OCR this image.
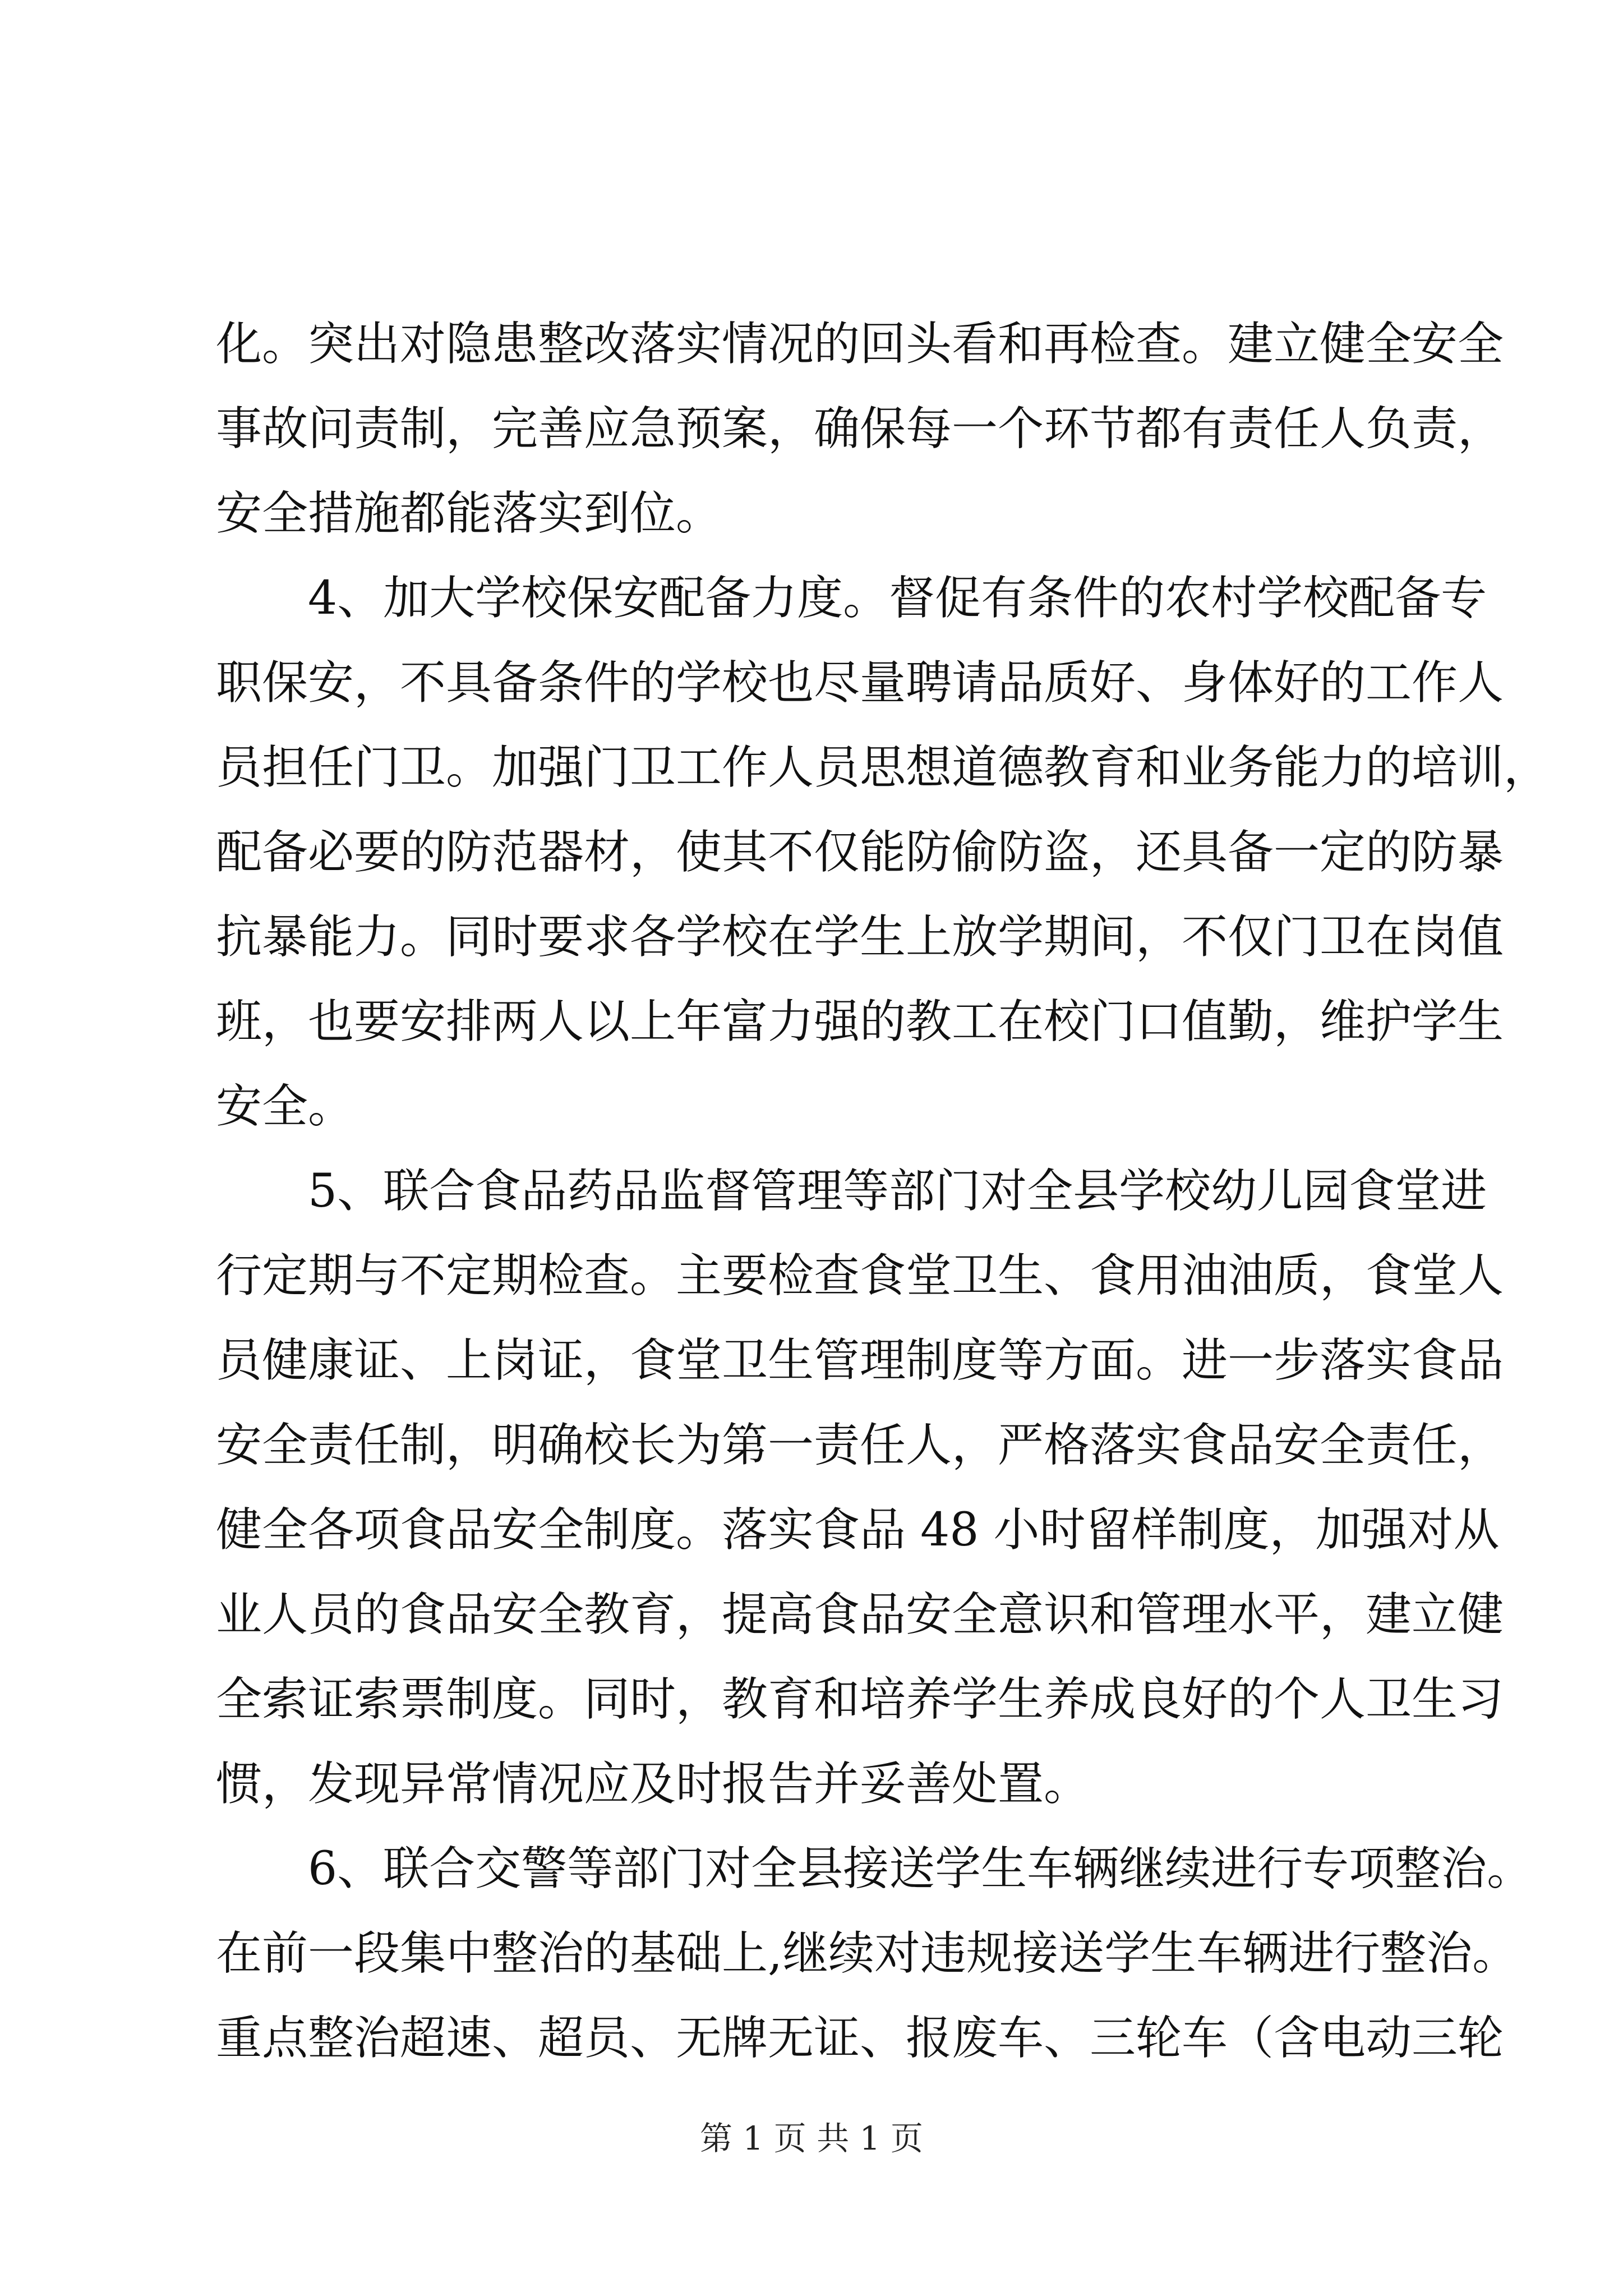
化。突出对隐患整改落实情况的回头看和再检查。建立健全安全
事故问责制，完善应急预案，确保每一个环节都有责任人负责，
安全措施都能落实到位。
4、加大学校保安配备力度。督促有条件的农村学校配备专
职保安，不具备条件的学校也尽量聘请品质好、身体好的工作人
员担任门卫。加强门卫工作人员思想道德教育和业务能力的培训，
配备必要的防范器材，使其不仅能防偷防盗，还具备一定的防暴
抗暴能力。同时要求各学校在学生上放学期间，不仅门卫在岗值
班，也要安排两人以上年富力强的教工在校门口值勤，维护学生
安全。
5、联合食品药品监督管理等部门对全县学校幼儿园食堂进
行定期与不定期检查。主要检查食堂卫生、食用油油质，食堂人
员健康证、上岗证，食堂卫生管理制度等方面。进一步落实食品
安全责任制，明确校长为第一责任人，严格落实食品安全责任，
健全各项食品安全制度。落实食品 48 小时留样制度，加强对从
业人员的食品安全教育，提高食品安全意识和管理水平，建立健
全索证索票制度。同时，教育和培养学生养成良好的个人卫生习
惯，发现异常情况应及时报告并妥善处置。
6、联合交警等部门对全县接送学生车辆继续进行专项整治。
在前一段集中整治的基础上,继续对违规接送学生车辆进行整治。
重点整治超速、超员、无牌无证、报废车、三轮车（含电动三轮
第 1 页 共 1 页
